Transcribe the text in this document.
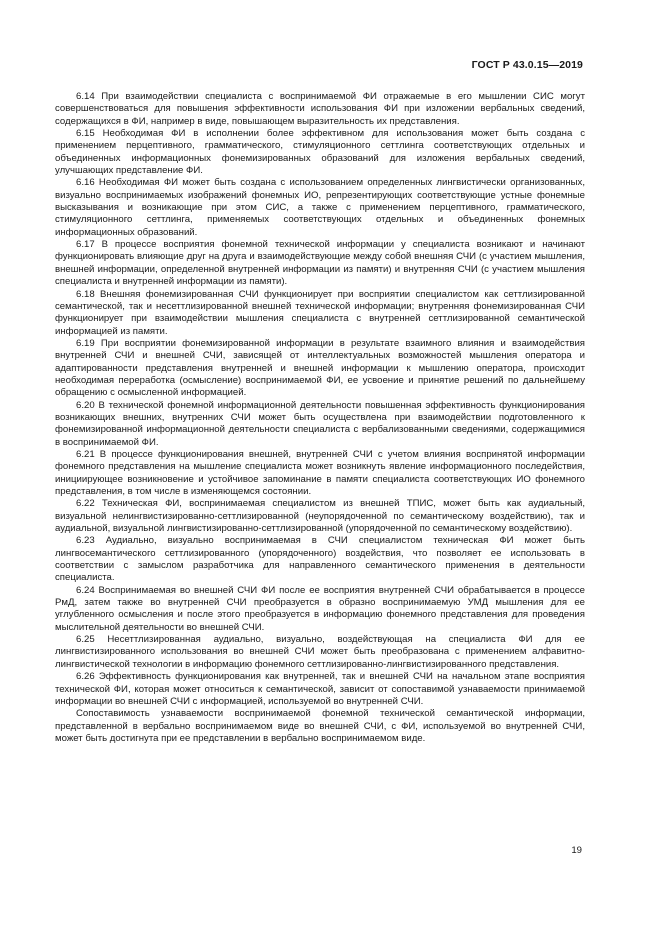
ГОСТ Р 43.0.15—2019

6.14 При взаимодействии специалиста с воспринимаемой ФИ отражаемые в его мышлении СИС могут совершенствоваться для повышения эффективности использования ФИ при изложении вербальных сведений, содержащихся в ФИ, например в виде, повышающем выразительность их представления.

6.15 Необходимая ФИ в исполнении более эффективном для использования может быть создана с применением перцептивного, грамматического, стимуляционного сеттлинга соответствующих отдельных и объединенных информационных фонемизированных образований для изложения вербальных сведений, улучшающих представление ФИ.

6.16 Необходимая ФИ может быть создана с использованием определенных лингвистически организованных, визуально воспринимаемых изображений фонемных ИО, репрезентирующих соответствующие устные фонемные высказывания и возникающие при этом СИС, а также с применением перцептивного, грамматического, стимуляционного сеттлинга, применяемых соответствующих отдельных и объединенных фонемных информационных образований.

6.17 В процессе восприятия фонемной технической информации у специалиста возникают и начинают функционировать влияющие друг на друга и взаимодействующие между собой внешняя СЧИ (с участием мышления, внешней информации, определенной внутренней информации из памяти) и внутренняя СЧИ (с участием мышления специалиста и внутренней информации из памяти).

6.18 Внешняя фонемизированная СЧИ функционирует при восприятии специалистом как сеттлизированной семантической, так и несеттлизированной внешней технической информации; внутренняя фонемизированная СЧИ функционирует при взаимодействии мышления специалиста с внутренней сеттлизированной семантической информацией из памяти.

6.19 При восприятии фонемизированной информации в результате взаимного влияния и взаимодействия внутренней СЧИ и внешней СЧИ, зависящей от интеллектуальных возможностей мышления оператора и адаптированности представления внутренней и внешней информации к мышлению оператора, происходит необходимая переработка (осмысление) воспринимаемой ФИ, ее усвоение и принятие решений по дальнейшему обращению с осмысленной информацией.

6.20 В технической фонемной информационной деятельности повышенная эффективность функционирования возникающих внешних, внутренних СЧИ может быть осуществлена при взаимодействии подготовленного к фонемизированной информационной деятельности специалиста с вербализованными сведениями, содержащимися в воспринимаемой ФИ.

6.21 В процессе функционирования внешней, внутренней СЧИ с учетом влияния воспринятой информации фонемного представления на мышление специалиста может возникнуть явление информационного последействия, инициирующее возникновение и устойчивое запоминание в памяти специалиста соответствующих ИО фонемного представления, в том числе в изменяющемся состоянии.

6.22 Техническая ФИ, воспринимаемая специалистом из внешней ТПИС, может быть как аудиальный, визуальной нелингвистизированно-сеттлизированной (неупорядоченной по семантическому воздействию), так и аудиальной, визуальной лингвистизированно-сеттлизированной (упорядоченной по семантическому воздействию).

6.23 Аудиально, визуально воспринимаемая в СЧИ специалистом техническая ФИ может быть лингвосемантического сеттлизированного (упорядоченного) воздействия, что позволяет ее использовать в соответствии с замыслом разработчика для направленного семантического применения в деятельности специалиста.

6.24 Воспринимаемая во внешней СЧИ ФИ после ее восприятия внутренней СЧИ обрабатывается в процессе РмД, затем также во внутренней СЧИ преобразуется в образно воспринимаемую УМД мышления для ее углубленного осмысления и после этого преобразуется в информацию фонемного представления для проведения мыслительной деятельности во внешней СЧИ.

6.25 Несеттлизированная аудиально, визуально, воздействующая на специалиста ФИ для ее лингвистизированного использования во внешней СЧИ может быть преобразована с применением алфавитно-лингвистической технологии в информацию фонемного сеттлизированно-лингвистизированного представления.

6.26 Эффективность функционирования как внутренней, так и внешней СЧИ на начальном этапе восприятия технической ФИ, которая может относиться к семантической, зависит от сопоставимой узнаваемости принимаемой информации во внешней СЧИ с информацией, используемой во внутренней СЧИ.

Сопоставимость узнаваемости воспринимаемой фонемной технической семантической информации, представленной в вербально воспринимаемом виде во внешней СЧИ, с ФИ, используемой во внутренней СЧИ, может быть достигнута при ее представлении в вербально воспринимаемом виде.

19
